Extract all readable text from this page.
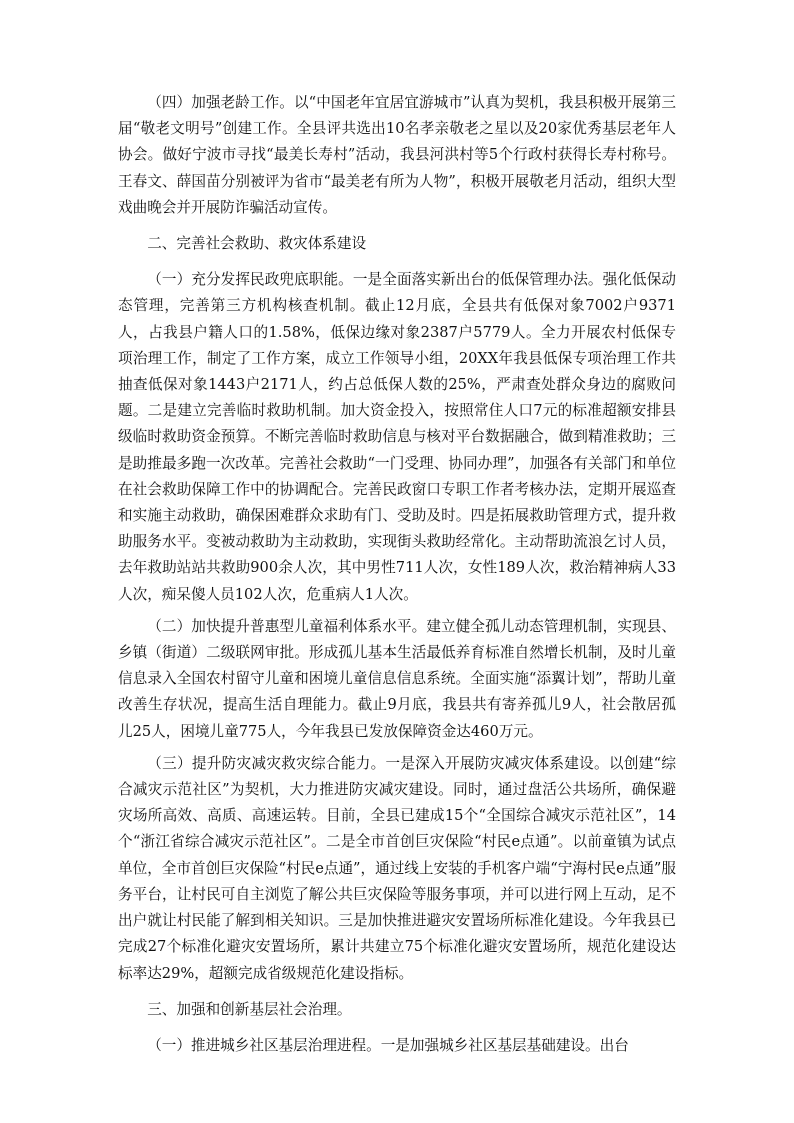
（四）加强老龄工作。以“中国老年宜居宜游城市”认真为契机，我县积极开展第三届“敬老文明号”创建工作。全县评共选出10名孝亲敬老之星以及20家优秀基层老年人协会。做好宁波市寻找“最美长寿村”活动，我县河洪村等5个行政村获得长寿村称号。王春文、薛国苗分别被评为省市“最美老有所为人物”，积极开展敬老月活动，组织大型戏曲晚会并开展防诈骗活动宣传。

二、完善社会救助、救灾体系建设

（一）充分发挥民政兜底职能。一是全面落实新出台的低保管理办法。强化低保动态管理，完善第三方机构核查机制。截止12月底，全县共有低保对象7002户9371人，占我县户籍人口的1.58%，低保边缘对象2387户5779人。全力开展农村低保专项治理工作，制定了工作方案，成立工作领导小组，20XX年我县低保专项治理工作共抽查低保对象1443户2171人，约占总低保人数的25%，严肃查处群众身边的腐败问题。二是建立完善临时救助机制。加大资金投入，按照常住人口7元的标准超额安排县级临时救助资金预算。不断完善临时救助信息与核对平台数据融合，做到精准救助；三是助推最多跑一次改革。完善社会救助“一门受理、协同办理”，加强各有关部门和单位在社会救助保障工作中的协调配合。完善民政窗口专职工作者考核办法，定期开展巡查和实施主动救助，确保困难群众求助有门、受助及时。四是拓展救助管理方式，提升救助服务水平。变被动救助为主动救助，实现街头救助经常化。主动帮助流浪乞讨人员，去年救助站站共救助900余人次，其中男性711人次，女性189人次，救治精神病人33人次，痴呆傻人员102人次，危重病人1人次。

（二）加快提升普惠型儿童福利体系水平。建立健全孤儿动态管理机制，实现县、乡镇（街道）二级联网审批。形成孤儿基本生活最低养育标准自然增长机制，及时儿童信息录入全国农村留守儿童和困境儿童信息信息系统。全面实施“添翼计划”，帮助儿童改善生存状况，提高生活自理能力。截止9月底，我县共有寄养孤儿9人，社会散居孤儿25人，困境儿童775人，今年我县已发放保障资金达460万元。

（三）提升防灾减灾救灾综合能力。一是深入开展防灾减灾体系建设。以创建“综合减灾示范社区”为契机，大力推进防灾减灾建设。同时，通过盘活公共场所，确保避灾场所高效、高质、高速运转。目前，全县已建成15个“全国综合减灾示范社区”，14个“浙江省综合减灾示范社区”。二是全市首创巨灾保险“村民e点通”。以前童镇为试点单位，全市首创巨灾保险“村民e点通”，通过线上安装的手机客户端“宁海村民e点通”服务平台，让村民可自主浏览了解公共巨灾保险等服务事项，并可以进行网上互动，足不出户就让村民能了解到相关知识。三是加快推进避灾安置场所标准化建设。今年我县已完成27个标准化避灾安置场所，累计共建立75个标准化避灾安置场所，规范化建设达标率达29%，超额完成省级规范化建设指标。

三、加强和创新基层社会治理。

（一）推进城乡社区基层治理进程。一是加强城乡社区基层基础建设。出台
